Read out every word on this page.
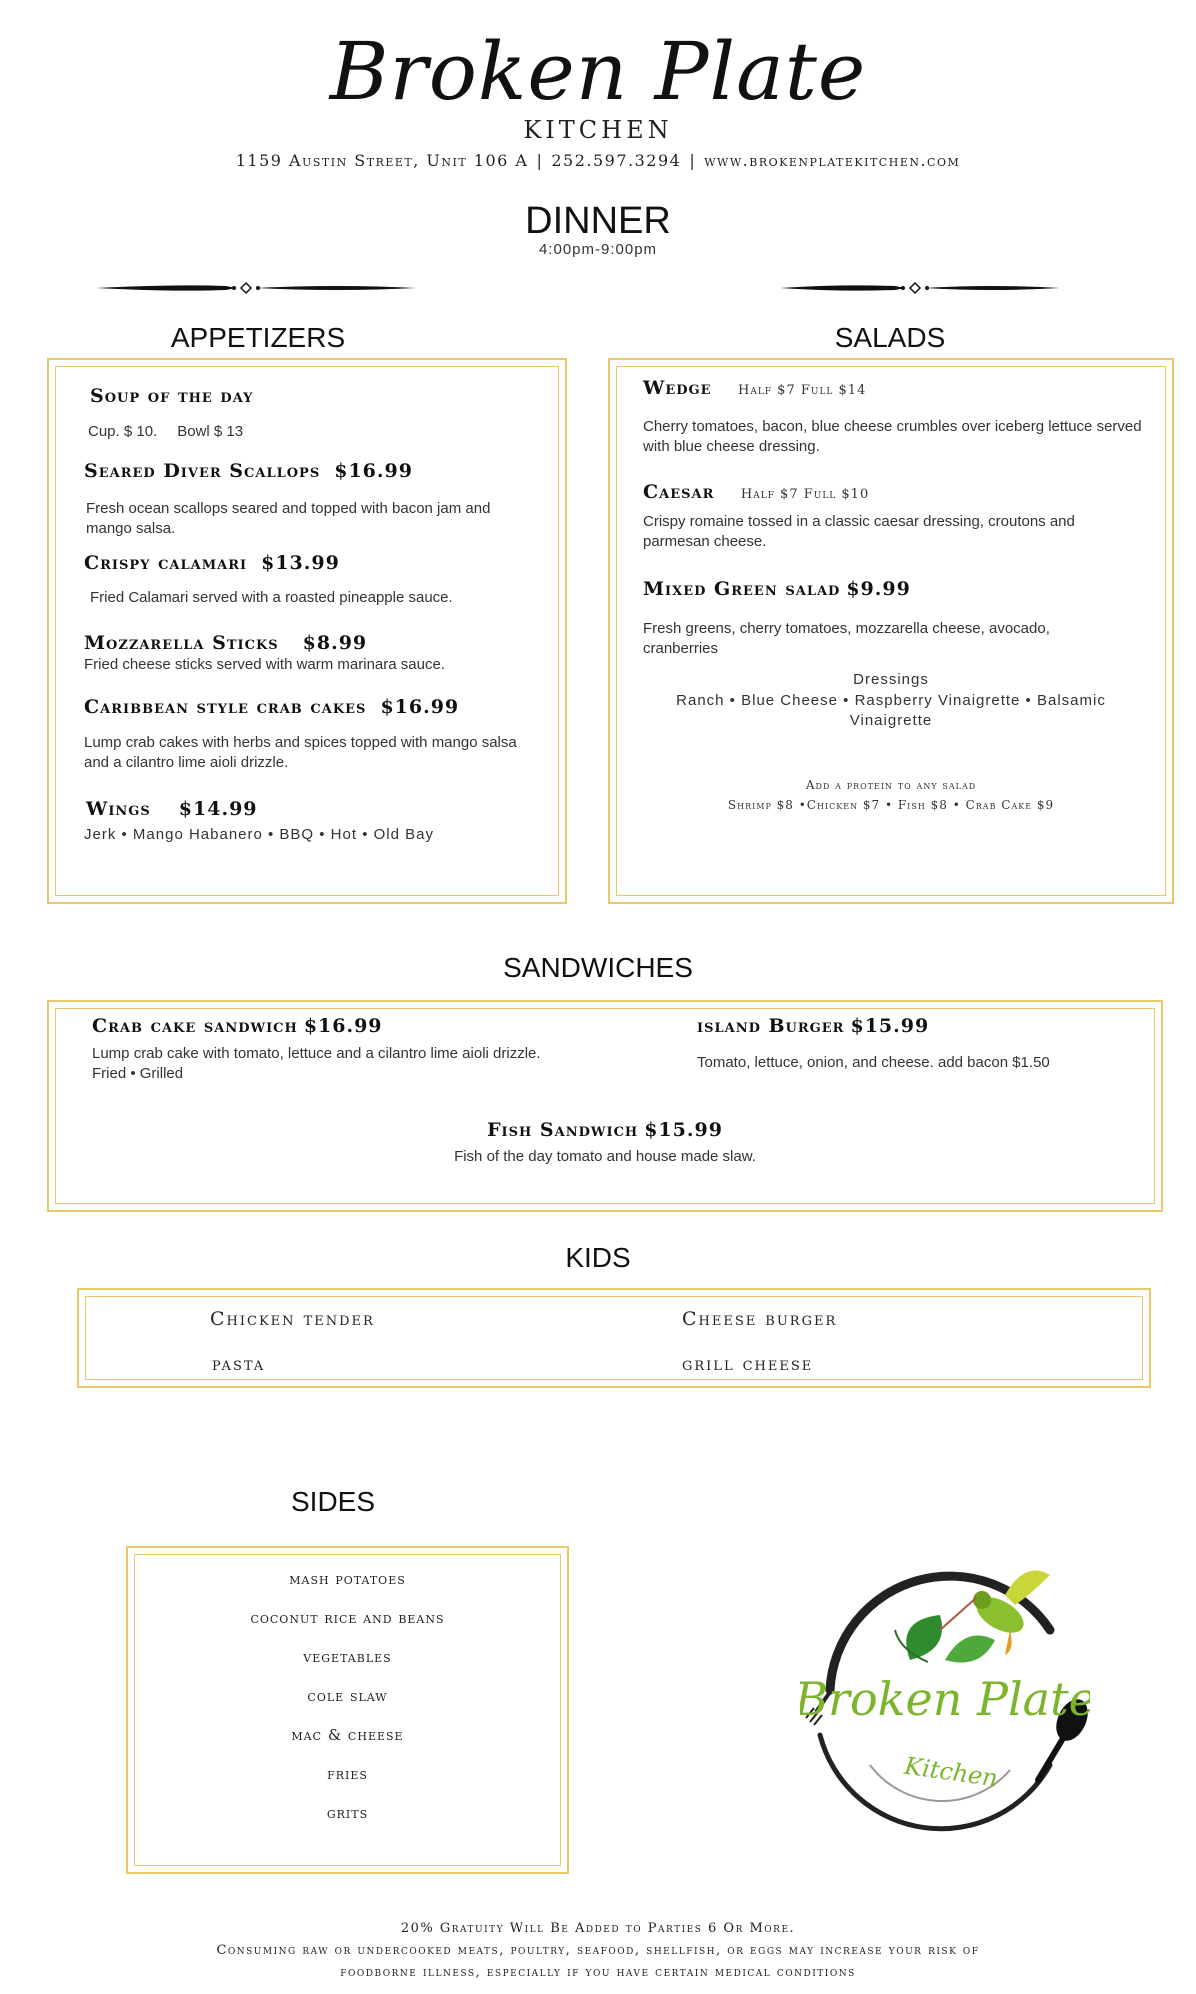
Broken Plate
KITCHEN
1159 Austin Street, Unit 106 A | 252.597.3294 | www.brokenplatekitchen.com
DINNER
4:00pm-9:00pm
APPETIZERS
Soup of the day
Cup. $ 10. Bowl $ 13
Seared Diver Scallops $16.99
Fresh ocean scallops seared and topped with bacon jam and mango salsa.
Crispy calamari $13.99
Fried Calamari served with a roasted pineapple sauce.
Mozzarella Sticks $8.99
Fried cheese sticks served with warm marinara sauce.
Caribbean style crab cakes $16.99
Lump crab cakes with herbs and spices topped with mango salsa and a cilantro lime aioli drizzle.
Wings $14.99
Jerk • Mango Habanero • BBQ • Hot • Old Bay
SALADS
Wedge Half $7 Full $14
Cherry tomatoes, bacon, blue cheese crumbles over iceberg lettuce served with blue cheese dressing.
Caesar Half $7 Full $10
Crispy romaine tossed in a classic caesar dressing, croutons and parmesan cheese.
Mixed Green salad $9.99
Fresh greens, cherry tomatoes, mozzarella cheese, avocado, cranberries
Dressings
Ranch • Blue Cheese • Raspberry Vinaigrette • Balsamic Vinaigrette
Add a protein to any salad
Shrimp $8 •Chicken $7 • Fish $8 • Crab Cake $9
SANDWICHES
Crab cake sandwich $16.99
Lump crab cake with tomato, lettuce and a cilantro lime aioli drizzle. Fried • Grilled
island Burger $15.99
Tomato, lettuce, onion, and cheese. add bacon $1.50
Fish Sandwich $15.99
Fish of the day tomato and house made slaw.
KIDS
Chicken tender	Cheese burger
pasta	grill cheese
SIDES
mash potatoes
coconut rice and beans
vegetables
cole slaw
mac & cheese
fries
grits
Broken Plate
Kitchen
20% Gratuity Will Be Added to Parties 6 Or More.
Consuming raw or undercooked meats, poultry, seafood, shellfish, or eggs may increase your risk of
foodborne illness, especially if you have certain medical conditions
